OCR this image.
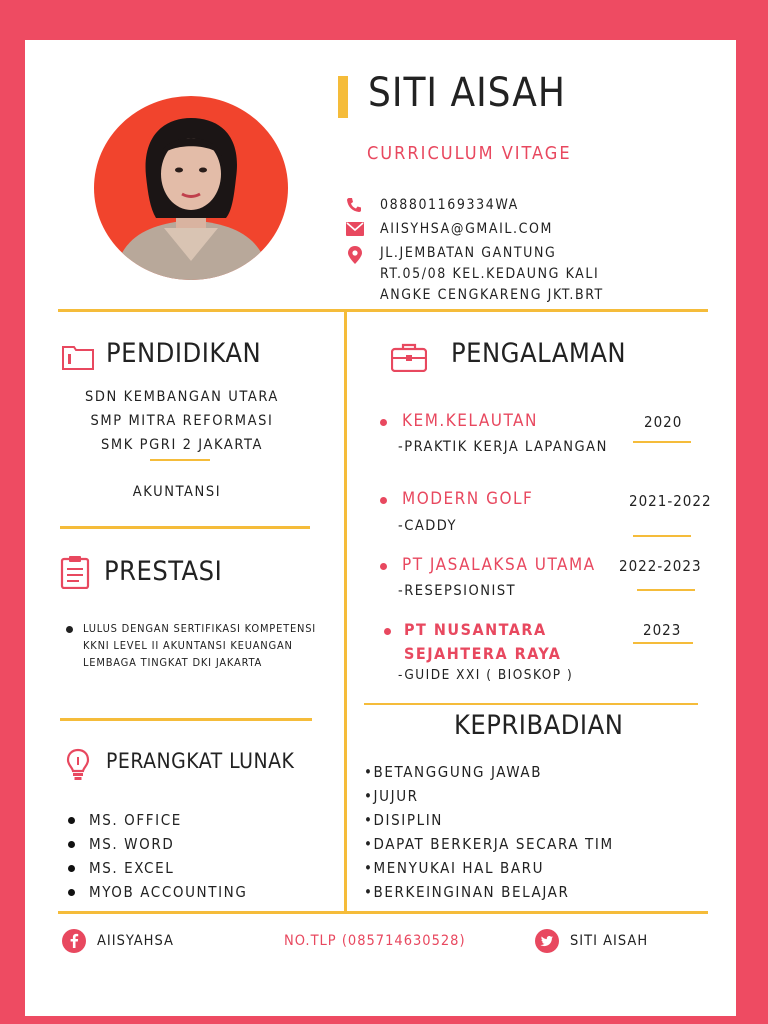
SITI AISAH
CURRICULUM VITAGE
088801169334WA
AIISYHSA@GMAIL.COM
JL.JEMBATAN GANTUNG
RT.05/08 KEL.KEDAUNG KALI
ANGKE CENGKARENG JKT.BRT
PENDIDIKAN
SDN KEMBANGAN UTARA
SMP MITRA REFORMASI
SMK PGRI 2 JAKARTA
AKUNTANSI
PRESTASI
LULUS DENGAN SERTIFIKASI KOMPETENSI KKNI LEVEL II AKUNTANSI KEUANGAN LEMBAGA TINGKAT DKI JAKARTA
PERANGKAT LUNAK
MS. OFFICE
MS. WORD
MS. EXCEL
MYOB ACCOUNTING
PENGALAMAN
KEM.KELAUTAN	2020
-PRAKTIK KERJA LAPANGAN
MODERN GOLF	2021-2022
-CADDY
PT JASALAKSA UTAMA 2022-2023
-RESEPSIONIST
PT NUSANTARA
SEJAHTERA RAYA
2023
-GUIDE XXI ( BIOSKOP )
KEPRIBADIAN
•BETANGGUNG JAWAB
•JUJUR
•DISIPLIN
•DAPAT BERKERJA SECARA TIM
•MENYUKAI HAL BARU
•BERKEINGINAN BELAJAR
AIISYAHSA	NO.TLP (085714630528)	SITI AISAH
